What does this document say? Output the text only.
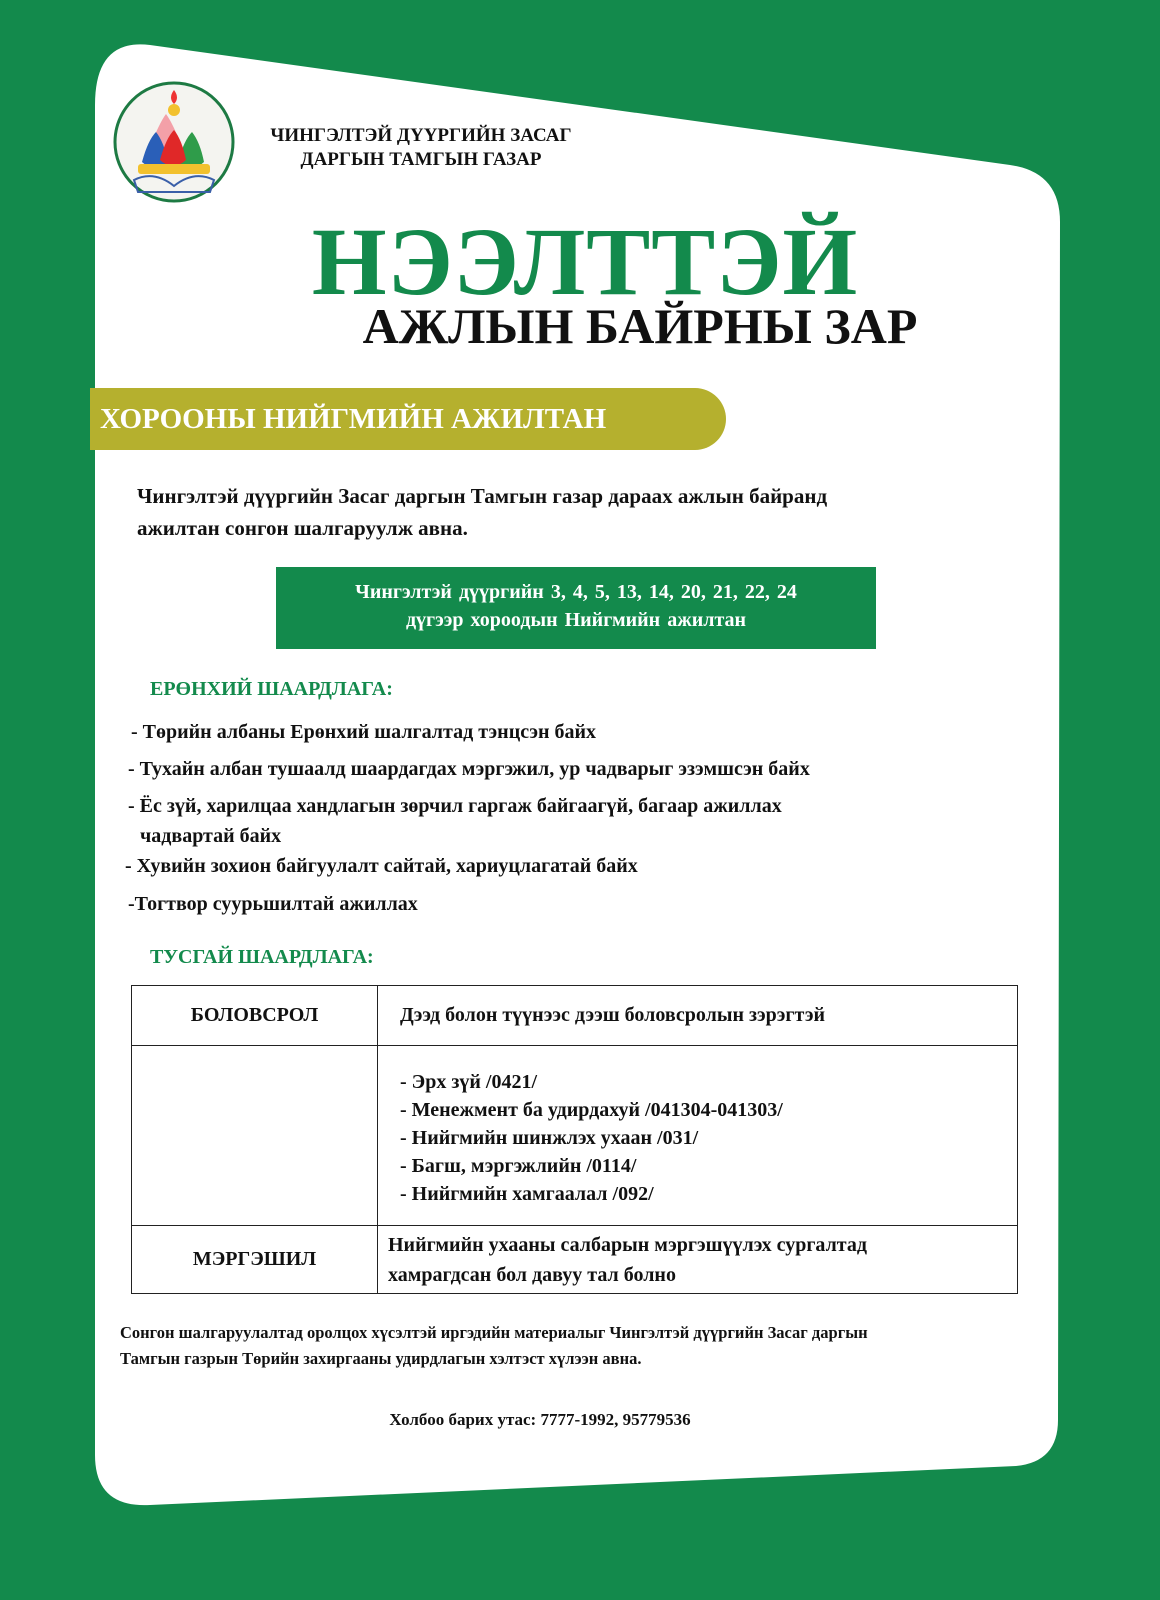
ЧИНГЭЛТЭЙ ДҮҮРГИЙН ЗАСАГ
ДАРГЫН ТАМГЫН ГАЗАР
НЭЭЛТТЭЙ
АЖЛЫН БАЙРНЫ ЗАР
ХОРООНЫ НИЙГМИЙН АЖИЛТАН
Чингэлтэй дүүргийн Засаг даргын Тамгын газар дараах ажлын байранд
ажилтан сонгон шалгаруулж авна.
Чингэлтэй дүүргийн 3, 4, 5, 13, 14, 20, 21, 22, 24
дүгээр хороодын Нийгмийн ажилтан
ЕРӨНХИЙ ШААРДЛАГА:
- Төрийн албаны Ерөнхий шалгалтад тэнцсэн байх
- Тухайн албан тушаалд шаардагдах мэргэжил, ур чадварыг эзэмшсэн байх
- Ёс зүй, харилцаа хандлагын зөрчил гаргаж байгаагүй, багаар ажиллах
чадвартай байх
- Хувийн зохион байгуулалт сайтай, хариуцлагатай байх
-Тогтвор суурьшилтай ажиллах
ТУСГАЙ ШААРДЛАГА:
БОЛОВСРОЛ	Дээд болон түүнээс дээш боловсролын зэрэгтэй

	- Эрх зүй /0421/
- Менежмент ба удирдахуй /041304-041303/
- Нийгмийн шинжлэх ухаан /031/
- Багш, мэргэжлийн /0114/
- Нийгмийн хамгаалал /092/

МЭРГЭШИЛ	Нийгмийн ухааны салбарын мэргэшүүлэх сургалтад
хамрагдсан бол давуу тал болно
Сонгон шалгаруулалтад оролцох хүсэлтэй иргэдийн материалыг Чингэлтэй дүүргийн Засаг даргын
Тамгын газрын Төрийн захиргааны удирдлагын хэлтэст хүлээн авна.
Холбоо барих утас: 7777-1992, 95779536
